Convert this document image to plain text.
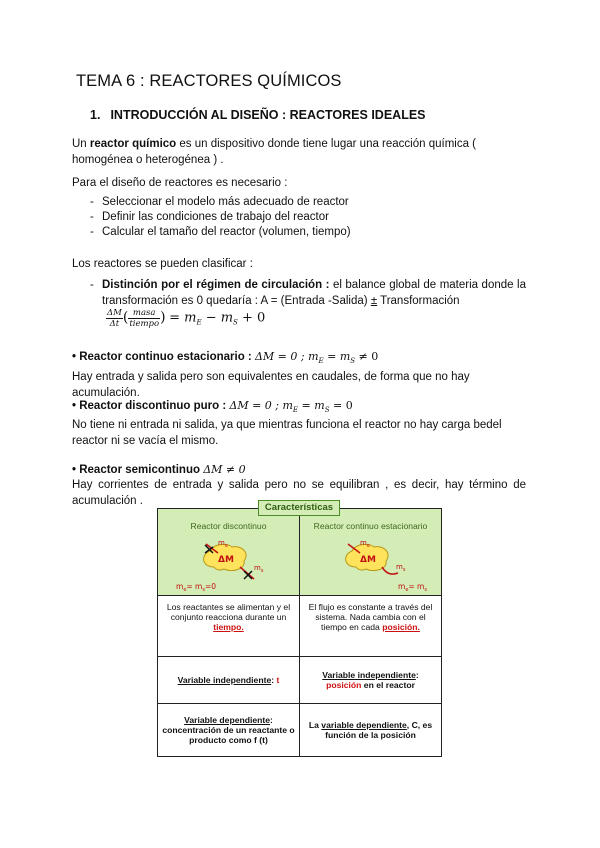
TEMA 6 : REACTORES QUÍMICOS
1. INTRODUCCIÓN AL DISEÑO : REACTORES IDEALES
Un reactor químico es un dispositivo donde tiene lugar una reacción química ( homogénea o heterogénea ) .
Para el diseño de reactores es necesario :
- Seleccionar el modelo más adecuado de reactor
- Definir las condiciones de trabajo del reactor
- Calcular el tamaño del reactor (volumen, tiempo)
Los reactores se pueden clasificar :
- Distinción por el régimen de circulación : el balance global de materia donde la transformación es 0 quedaría : A = (Entrada -Salida) ± Transformación
$\frac{\Delta M}{\Delta t}$ ( $\frac{\text{masa}}{\text{tiempo}}$ ) = $m_E - m_S + 0$
• Reactor continuo estacionario : ΔM = 0 ; $m_E = m_S \ne 0$
Hay entrada y salida pero son equivalentes en caudales, de forma que no hay acumulación.
• Reactor discontinuo puro : ΔM = 0 ; $m_E = m_S = 0$
No tiene ni entrada ni salida, ya que mientras funciona el reactor no hay carga bedel reactor ni se vacía el mismo.
• Reactor semicontinuo ΔM ≠ 0
Hay corrientes de entrada y salida pero no se equilibran , es decir, hay término de acumulación .
Reactor discontinuo
ΔM
$m_e$
$m_s$
$m_e= m_s=0$	Reactor continuo estacionario
ΔM
$m_e$
$m_s$
$m_e= m_s$

Los reactantes se alimentan y el conjunto reacciona durante un tiempo.	El flujo es constante a través del sistema. Nada cambia con el tiempo en cada posición.
Variable independiente: t	Variable independiente:
posición en el reactor
Variable dependiente: concentración de un reactante o producto como f (t)	La variable dependiente, C, es función de la posición
Características
